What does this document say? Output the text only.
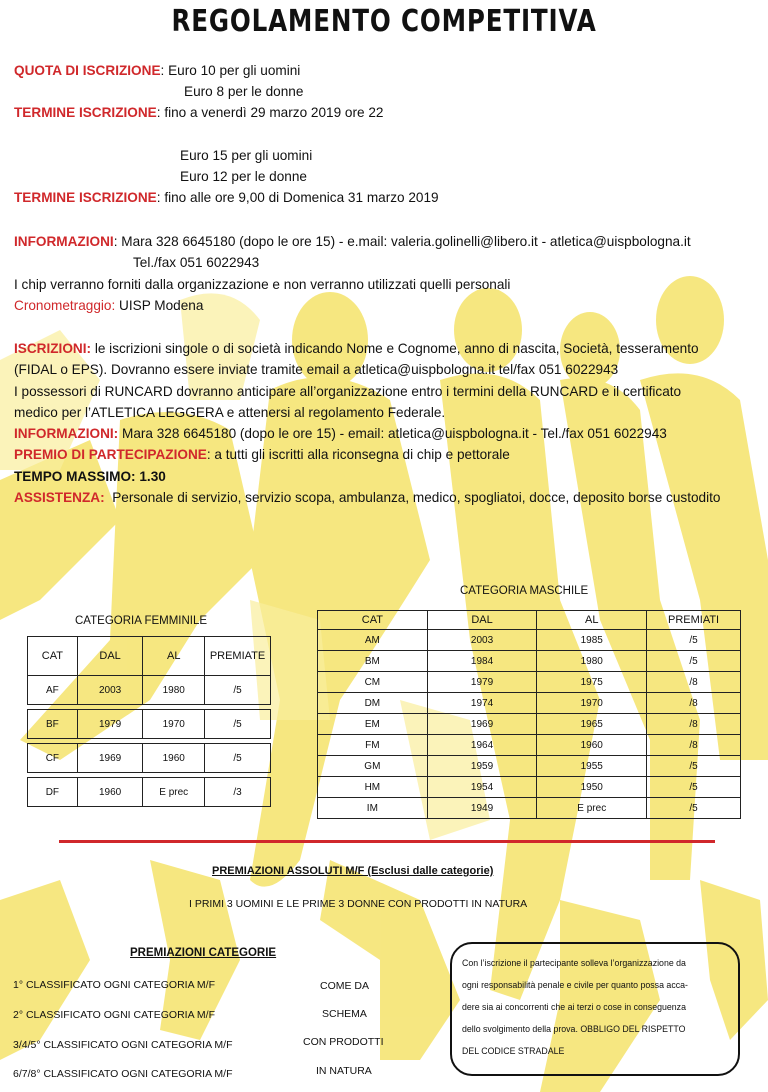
REGOLAMENTO COMPETITIVA
QUOTA DI ISCRIZIONE: Euro 10 per gli uomini
Euro 8 per le donne
TERMINE ISCRIZIONE: fino a venerdì 29 marzo 2019 ore 22
Euro 15 per gli uomini
Euro 12 per le donne
TERMINE ISCRIZIONE: fino alle ore 9,00 di Domenica 31 marzo 2019
INFORMAZIONI: Mara 328 6645180 (dopo le ore 15) - e.mail: valeria.golinelli@libero.it - atletica@uispbologna.it
Tel./fax 051 6022943
I chip verranno forniti dalla organizzazione e non verranno utilizzati quelli personali
Cronometraggio: UISP Modena
ISCRIZIONI: le iscrizioni singole o di società indicando Nome e Cognome, anno di nascita, Società, tesseramento
(FIDAL o EPS). Dovranno essere inviate tramite email a atletica@uispbologna.it tel/fax 051 6022943
I possessori di RUNCARD dovranno anticipare all’organizzazione entro i termini della RUNCARD e il certificato
medico per l’ATLETICA LEGGERA e attenersi al regolamento Federale.
INFORMAZIONI: Mara 328 6645180 (dopo le ore 15) - email: atletica@uispbologna.it - Tel./fax 051 6022943
PREMIO DI PARTECIPAZIONE: a tutti gli iscritti alla riconsegna di chip e pettorale
TEMPO MASSIMO: 1.30
ASSISTENZA: Personale di servizio, servizio scopa, ambulanza, medico, spogliatoi, docce, deposito borse custodito
CATEGORIA FEMMINILE
CAT	DAL	AL	PREMIATE
AF	2003	1980	/5

BF	1979	1970	/5

CF	1969	1960	/5

DF	1960	E prec	/3
CATEGORIA MASCHILE
CAT	DAL	AL	PREMIATI
AM	2003	1985	/5
BM	1984	1980	/5
CM	1979	1975	/8
DM	1974	1970	/8
EM	1969	1965	/8
FM	1964	1960	/8
GM	1959	1955	/5
HM	1954	1950	/5
IM	1949	E prec	/5
PREMIAZIONI ASSOLUTI M/F (Esclusi dalle categorie)
I PRIMI 3 UOMINI E LE PRIME 3 DONNE CON PRODOTTI IN NATURA
PREMIAZIONI CATEGORIE
1° CLASSIFICATO OGNI CATEGORIA M/F
2° CLASSIFICATO OGNI CATEGORIA M/F
3/4/5° CLASSIFICATO OGNI CATEGORIA M/F
6/7/8° CLASSIFICATO OGNI CATEGORIA M/F
COME DA
SCHEMA
CON PRODOTTI
IN NATURA

Con l’iscrizione il partecipante solleva l’organizzazione da

ogni responsabilità penale e civile per quanto possa acca-

dere sia ai concorrenti che ai terzi o cose in conseguenza

dello svolgimento della prova. OBBLIGO DEL RISPETTO

DEL CODICE STRADALE
